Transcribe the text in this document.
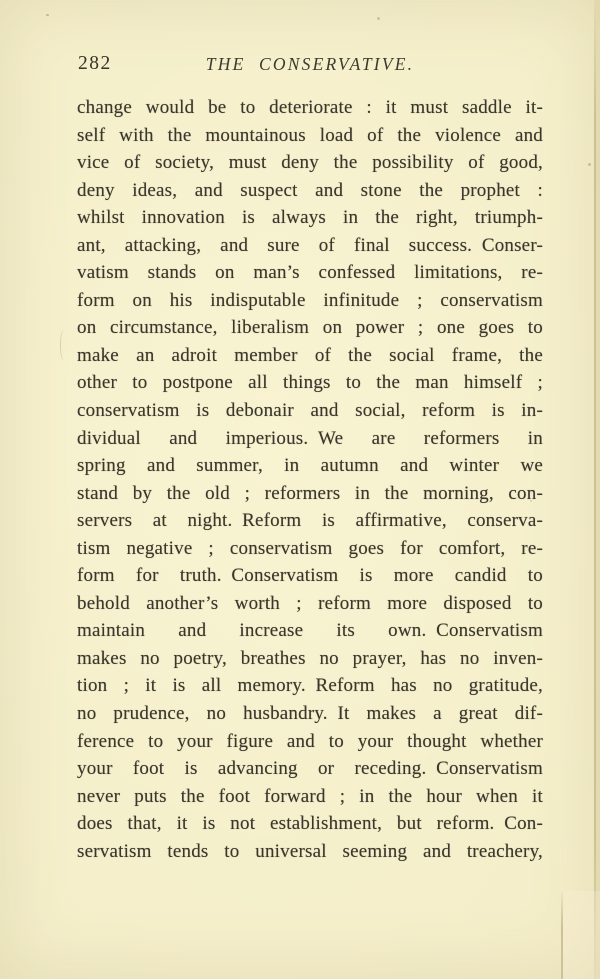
282	THE CONSERVATIVE.
change would be to deteriorate : it must saddle it-
self with the mountainous load of the violence and
vice of society, must deny the possibility of good,
deny ideas, and suspect and stone the prophet :
whilst innovation is always in the right, triumph-
ant, attacking, and sure of final success. Conser-
vatism stands on man’s confessed limitations, re-
form on his indisputable infinitude ; conservatism
on circumstance, liberalism on power ; one goes to
make an adroit member of the social frame, the
other to postpone all things to the man himself ;
conservatism is debonair and social, reform is in-
dividual and imperious. We are reformers in
spring and summer, in autumn and winter we
stand by the old ; reformers in the morning, con-
servers at night. Reform is affirmative, conserva-
tism negative ; conservatism goes for comfort, re-
form for truth. Conservatism is more candid to
behold another’s worth ; reform more disposed to
maintain and increase its own. Conservatism
makes no poetry, breathes no prayer, has no inven-
tion ; it is all memory. Reform has no gratitude,
no prudence, no husbandry. It makes a great dif-
ference to your figure and to your thought whether
your foot is advancing or receding. Conservatism
never puts the foot forward ; in the hour when it
does that, it is not establishment, but reform. Con-
servatism tends to universal seeming and treachery,
